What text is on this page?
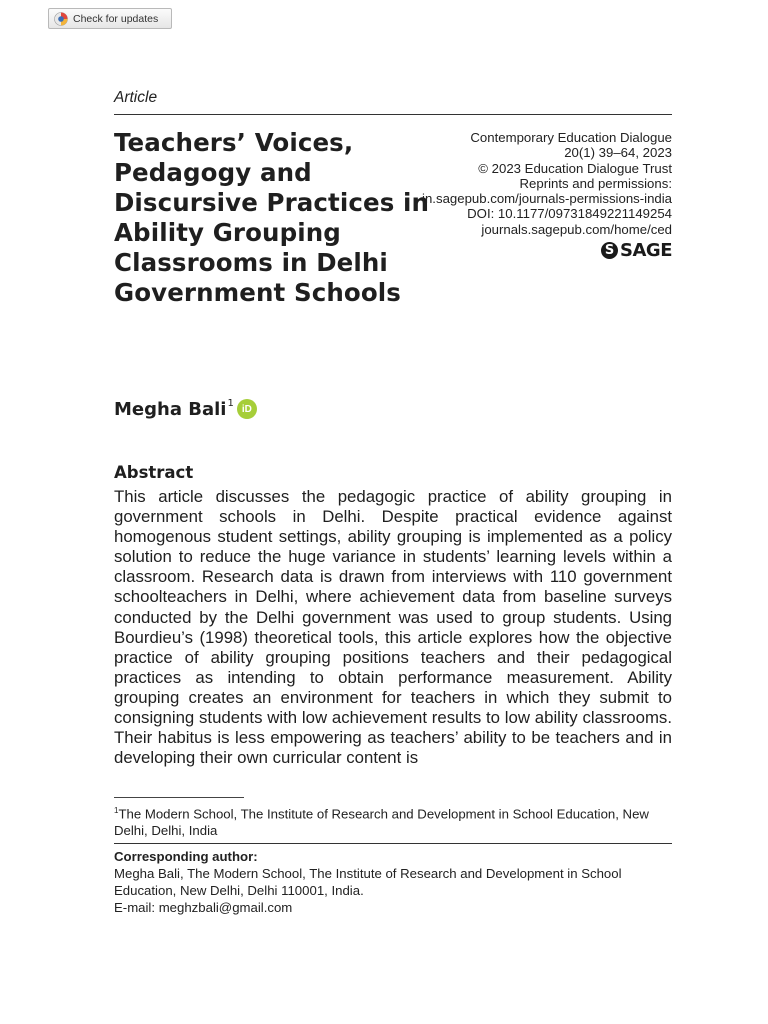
Check for updates
Article
Teachers’ Voices, Pedagogy and Discursive Practices in Ability Grouping Classrooms in Delhi Government Schools
Contemporary Education Dialogue
20(1) 39–64, 2023
© 2023 Education Dialogue Trust
Reprints and permissions:
in.sagepub.com/journals-permissions-india
DOI: 10.1177/09731849221149254
journals.sagepub.com/home/ced
S SAGE
Megha Bali$^1$ iD
Abstract

This article discusses the pedagogic practice of ability grouping in government schools in Delhi. Despite practical evidence against homogenous student settings, ability grouping is implemented as a policy solution to reduce the huge variance in students’ learning levels within a classroom. Research data is drawn from interviews with 110 government schoolteachers in Delhi, where achievement data from baseline surveys conducted by the Delhi government was used to group students. Using Bourdieu’s (1998) theoretical tools, this article explores how the objective practice of ability grouping positions teachers and their pedagogical practices as intending to obtain performance measurement. Ability grouping creates an environment for teachers in which they submit to consigning students with low achievement results to low ability classrooms. Their habitus is less empowering as teachers’ ability to be teachers and in developing their own curricular content is

$^1$The Modern School, The Institute of Research and Development in School Education, New Delhi, Delhi, India
Corresponding author:
Megha Bali, The Modern School, The Institute of Research and Development in School Education, New Delhi, Delhi 110001, India.
E-mail: meghzbali@gmail.com
